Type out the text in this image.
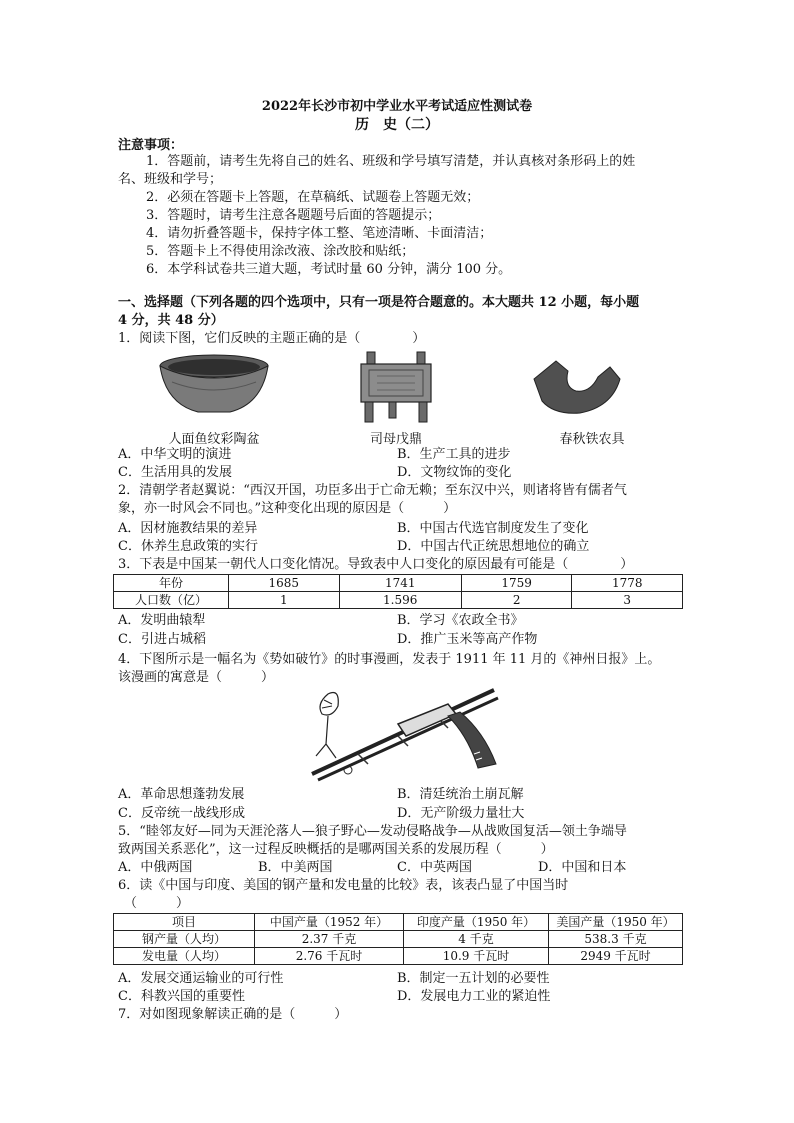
2022年长沙市初中学业水平考试适应性测试卷
历　史（二）
注意事项：
1．答题前，请考生先将自己的姓名、班级和学号填写清楚，并认真核对条形码上的姓
名、班级和学号；
2．必须在答题卡上答题，在草稿纸、试题卷上答题无效；
3．答题时，请考生注意各题题号后面的答题提示；
4．请勿折叠答题卡，保持字体工整、笔迹清晰、卡面清洁；
5．答题卡上不得使用涂改液、涂改胶和贴纸；
6．本学科试卷共三道大题，考试时量 60 分钟，满分 100 分。
一、选择题（下列各题的四个选项中，只有一项是符合题意的。本大题共 12 小题，每小题
4 分，共 48 分）
1．阅读下图，它们反映的主题正确的是（　　　　）
人面鱼纹彩陶盆	司母戊鼎	春秋铁农具
A．中华文明的演进	B．生产工具的进步
C．生活用具的发展	D．文物纹饰的变化
2．清朝学者赵翼说：“西汉开国，功臣多出于亡命无赖；至东汉中兴，则诸将皆有儒者气
象，亦一时风会不同也。”这种变化出现的原因是（　　　）
A．因材施教结果的差异	B．中国古代选官制度发生了变化
C．休养生息政策的实行	D．中国古代正统思想地位的确立
3．下表是中国某一朝代人口变化情况。导致表中人口变化的原因最有可能是（　　　　）
年份	1685	1741	1759	1778
人口数（亿）	1	1.596	2	3
A．发明曲辕犁	B．学习《农政全书》
C．引进占城稻	D．推广玉米等高产作物
4．下图所示是一幅名为《势如破竹》的时事漫画，发表于 1911 年 11 月的《神州日报》上。
该漫画的寓意是（　　　）
A．革命思想蓬勃发展	B．清廷统治土崩瓦解
C．反帝统一战线形成	D．无产阶级力量壮大
5．“睦邻友好—同为天涯沦落人—狼子野心—发动侵略战争—从战败国复活—领土争端导
致两国关系恶化”，这一过程反映概括的是哪两国关系的发展历程（　　　）
A．中俄两国	B．中美两国	C．中英两国	D．中国和日本
6．读《中国与印度、美国的钢产量和发电量的比较》表，该表凸显了中国当时
（　　　）
项目	中国产量（1952 年）	印度产量（1950 年）	美国产量（1950 年）
钢产量（人均）	2.37 千克	4 千克	538.3 千克
发电量（人均）	2.76 千瓦时	10.9 千瓦时	2949 千瓦时
A．发展交通运输业的可行性	B．制定一五计划的必要性
C．科教兴国的重要性	D．发展电力工业的紧迫性
7．对如图现象解读正确的是（　　　）
